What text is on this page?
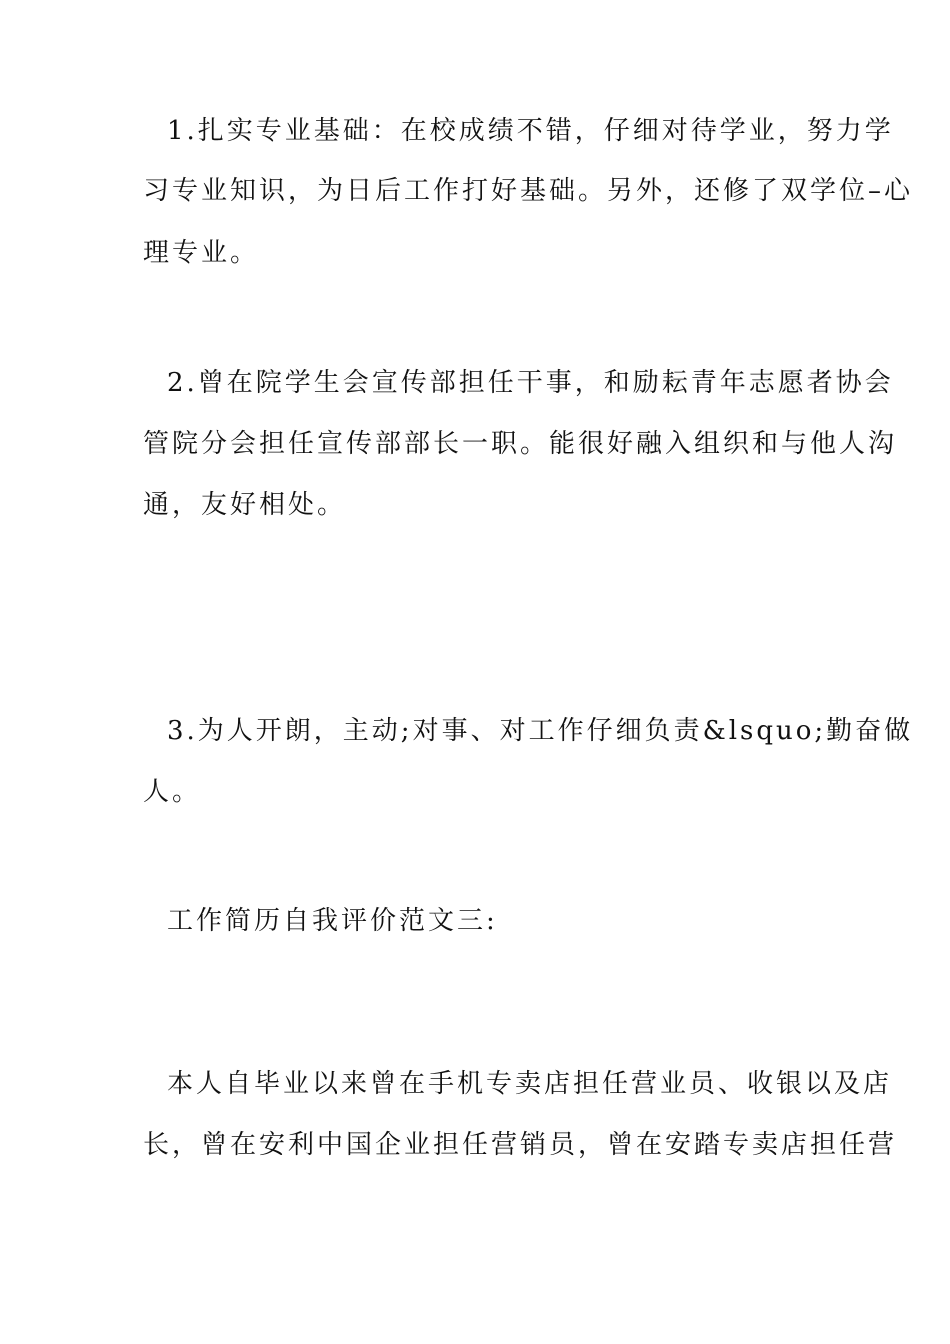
1.扎实专业基础：在校成绩不错，仔细对待学业，努力学
习专业知识，为日后工作打好基础。另外，还修了双学位–心
理专业。
2.曾在院学生会宣传部担任干事，和励耘青年志愿者协会
管院分会担任宣传部部长一职。能很好融入组织和与他人沟
通，友好相处。
3.为人开朗，主动;对事、对工作仔细负责&lsquo;勤奋做
人。
工作简历自我评价范文三:
本人自毕业以来曾在手机专卖店担任营业员、收银以及店
长，曾在安利中国企业担任营销员，曾在安踏专卖店担任营
